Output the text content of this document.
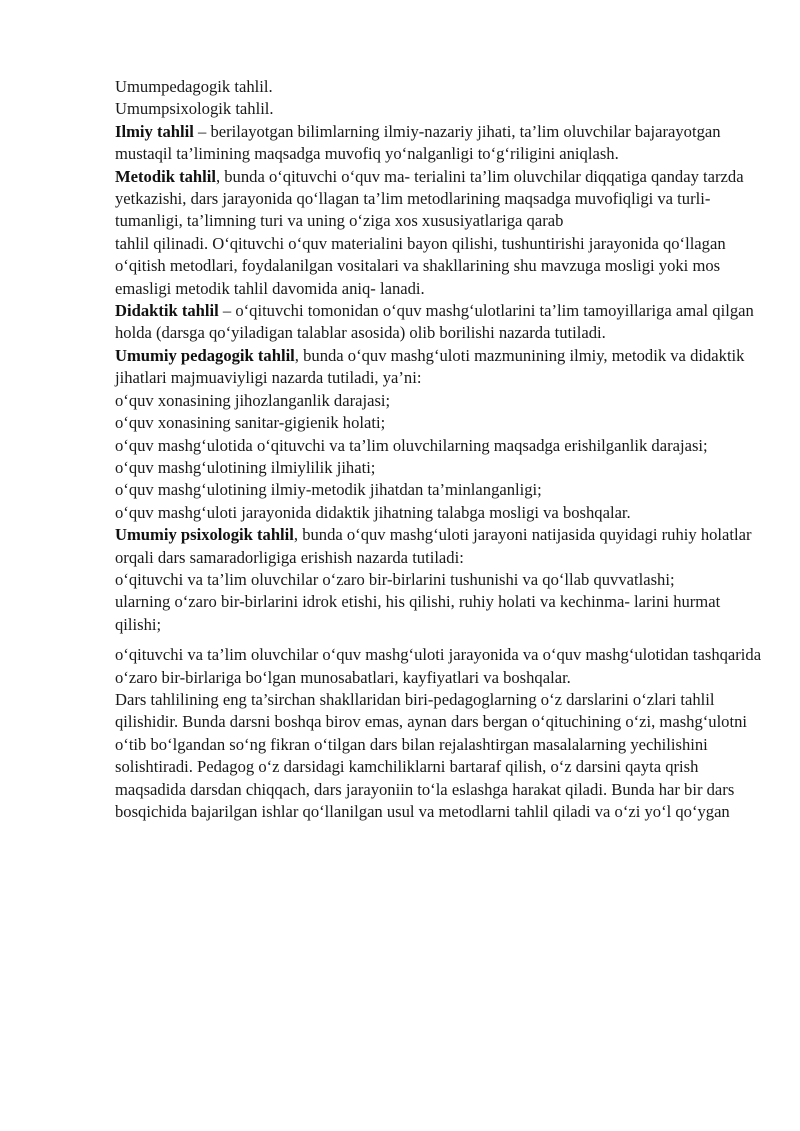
Umumpedagogik tahlil.

Umumpsixologik tahlil.

Ilmiy tahlil – berilayotgan bilimlarning ilmiy-nazariy jihati, ta’lim oluvchilar bajarayotgan mustaqil ta’limining maqsadga muvofiq yo‘nalganligi to‘g‘riligini aniqlash.

Metodik tahlil, bunda o‘qituvchi o‘quv ma- terialini ta’lim oluvchilar diqqatiga qanday tarzda yetkazishi, dars jarayonida qo‘llagan ta’lim metodlarining maqsadga muvofiqligi va turli-tumanligi, ta’limning turi va uning o‘ziga xos xususiyatlariga qarab

tahlil qilinadi. O‘qituvchi o‘quv materialini bayon qilishi, tushuntirishi jarayonida qo‘llagan o‘qitish metodlari, foydalanilgan vositalari va shakllarining shu mavzuga mosligi yoki mos emasligi metodik tahlil davomida aniq- lanadi.

Didaktik tahlil – o‘qituvchi tomonidan o‘quv mashg‘ulotlarini ta’lim tamoyillariga amal qilgan holda (darsga qo‘yiladigan talablar asosida) olib borilishi nazarda tutiladi.

Umumiy pedagogik tahlil, bunda o‘quv mashg‘uloti mazmunining ilmiy, metodik va didaktik jihatlari majmuaviyligi nazarda tutiladi, ya’ni:

o‘quv xonasining jihozlanganlik darajasi;

o‘quv xonasining sanitar-gigienik holati;

o‘quv mashg‘ulotida o‘qituvchi va ta’lim oluvchilarning maqsadga erishilganlik darajasi;

o‘quv mashg‘ulotining ilmiylilik jihati;

o‘quv mashg‘ulotining ilmiy-metodik jihatdan ta’minlanganligi;

o‘quv mashg‘uloti jarayonida didaktik jihatning talabga mosligi va boshqalar.

Umumiy psixologik tahlil, bunda o‘quv mashg‘uloti jarayoni natijasida quyidagi ruhiy holatlar orqali dars samaradorligiga erishish nazarda tutiladi:

o‘qituvchi va ta’lim oluvchilar o‘zaro bir-birlarini tushunishi va qo‘llab quvvatlashi;

ularning o‘zaro bir-birlarini idrok etishi, his qilishi, ruhiy holati va kechinma- larini hurmat qilishi;

o‘qituvchi va ta’lim oluvchilar o‘quv mashg‘uloti jarayonida va o‘quv mashg‘ulotidan tashqarida o‘zaro bir-birlariga bo‘lgan munosabatlari, kayfiyatlari va boshqalar.

Dars tahlilining eng ta’sirchan shakllaridan biri-pedagoglarning o‘z darslarini o‘zlari tahlil qilishidir. Bunda darsni boshqa birov emas, aynan dars bergan o‘qituchining o‘zi, mashg‘ulotni o‘tib bo‘lgandan so‘ng fikran o‘tilgan dars bilan rejalashtirgan masalalarning yechilishini solishtiradi. Pedagog o‘z darsidagi kamchiliklarni bartaraf qilish, o‘z darsini qayta qrish maqsadida darsdan chiqqach, dars jarayoniin to‘la eslashga harakat qiladi. Bunda har bir dars bosqichida bajarilgan ishlar qo‘llanilgan usul va metodlarni tahlil qiladi va o‘zi yo‘l qo‘ygan
